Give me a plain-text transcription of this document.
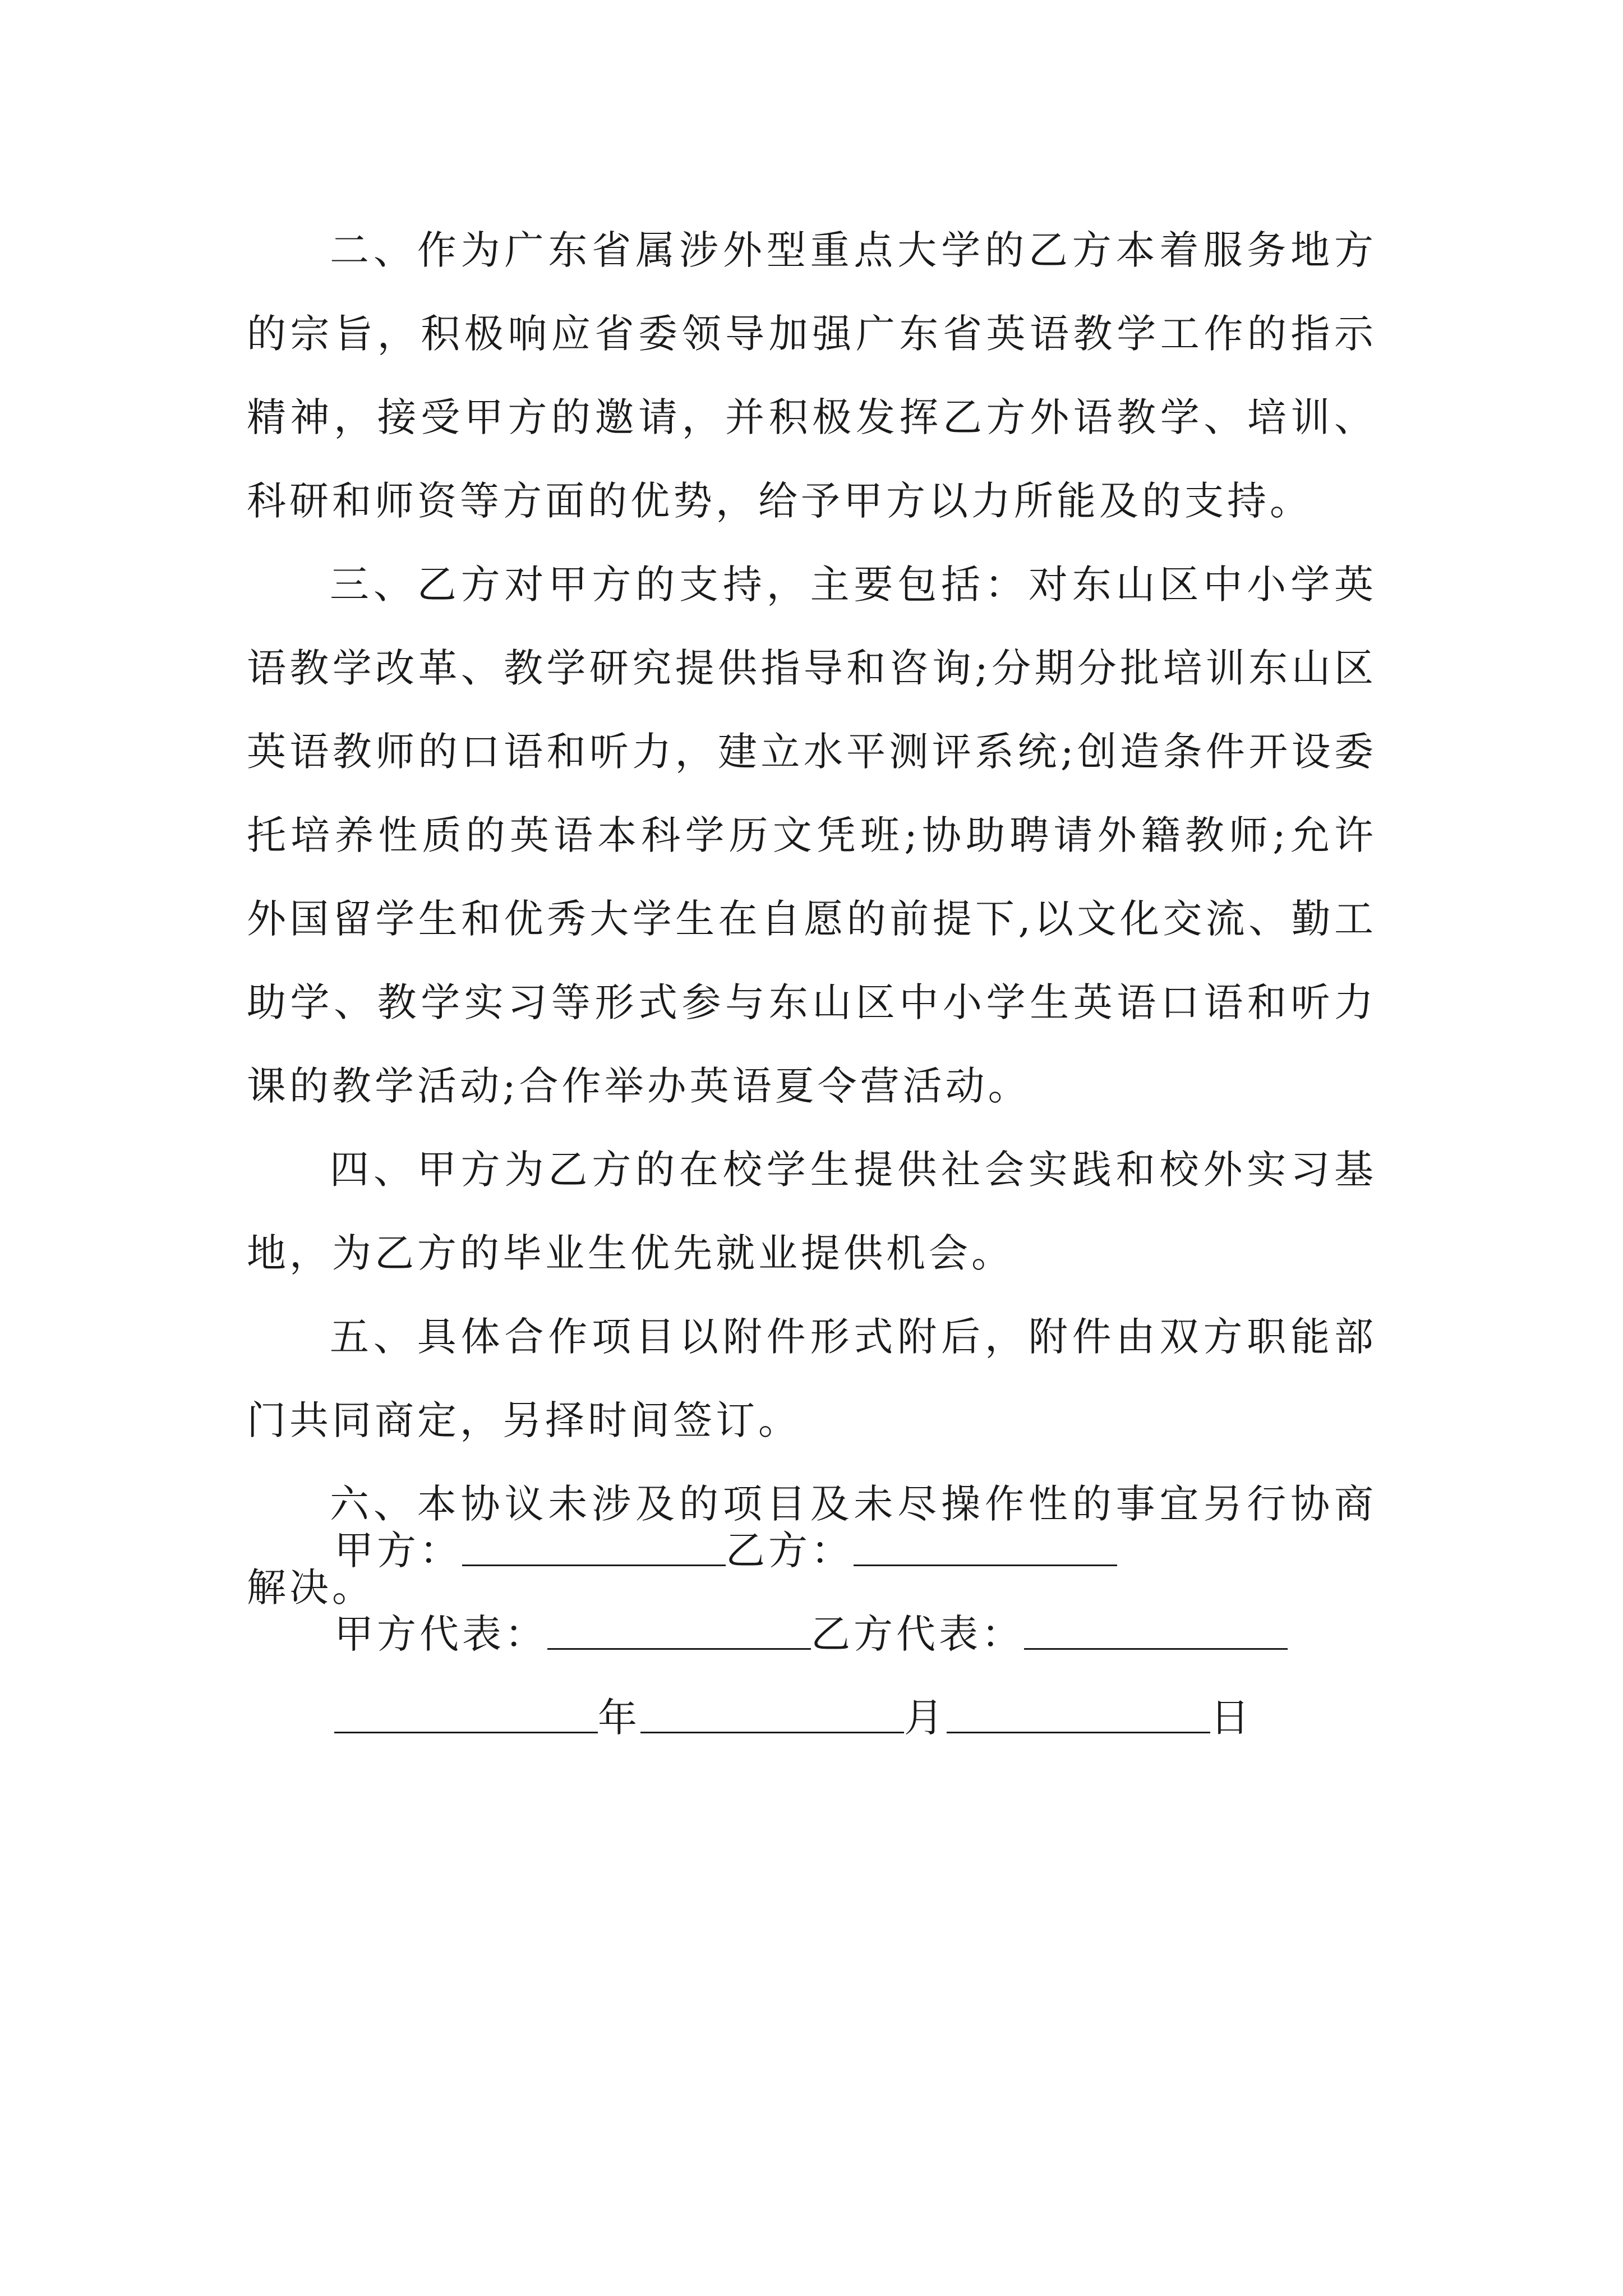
二、作为广东省属涉外型重点大学的乙方本着服务地方的宗旨，积极响应省委领导加强广东省英语教学工作的指示精神，接受甲方的邀请，并积极发挥乙方外语教学、培训、科研和师资等方面的优势，给予甲方以力所能及的支持。

三、乙方对甲方的支持，主要包括：对东山区中小学英语教学改革、教学研究提供指导和咨询;分期分批培训东山区英语教师的口语和听力，建立水平测评系统;创造条件开设委托培养性质的英语本科学历文凭班;协助聘请外籍教师;允许外国留学生和优秀大学生在自愿的前提下,以文化交流、勤工助学、教学实习等形式参与东山区中小学生英语口语和听力课的教学活动;合作举办英语夏令营活动。

四、甲方为乙方的在校学生提供社会实践和校外实习基地，为乙方的毕业生优先就业提供机会。

五、具体合作项目以附件形式附后，附件由双方职能部门共同商定，另择时间签订。

六、本协议未涉及的项目及未尽操作性的事宜另行协商解决。

甲方：	乙方：
甲方代表：	乙方代表：
年	月	日
